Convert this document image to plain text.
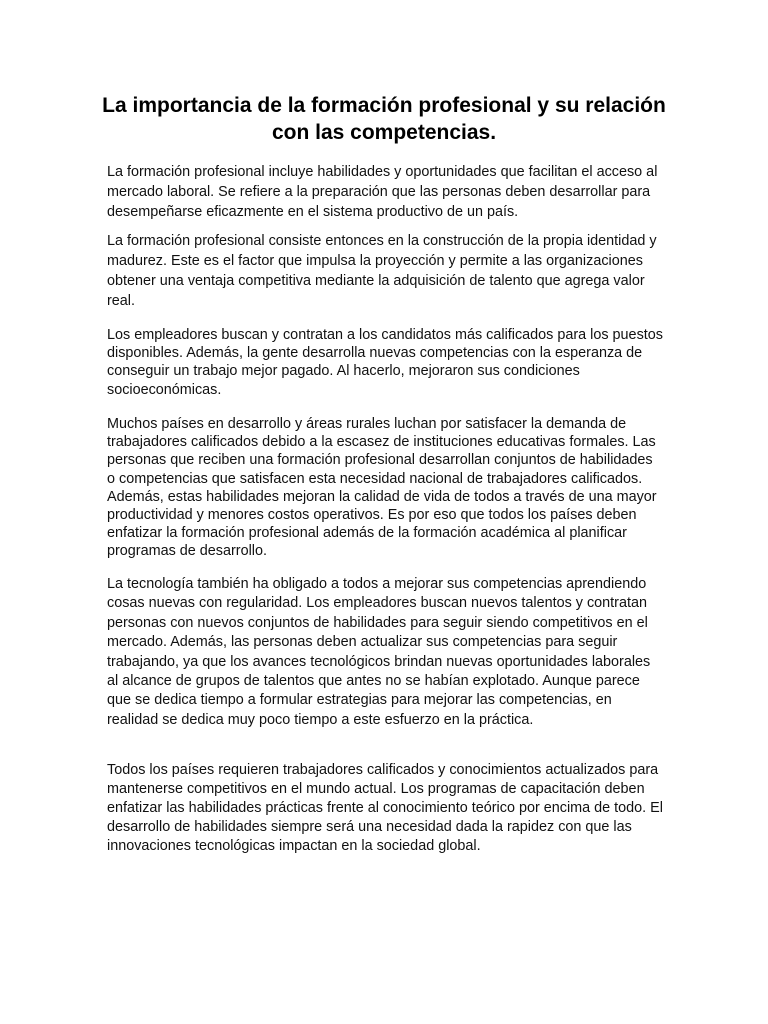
La importancia de la formación profesional y su relación con las competencias.

La formación profesional incluye habilidades y oportunidades que facilitan el acceso al mercado laboral. Se refiere a la preparación que las personas deben desarrollar para desempeñarse eficazmente en el sistema productivo de un país.

La formación profesional consiste entonces en la construcción de la propia identidad y madurez. Este es el factor que impulsa la proyección y permite a las organizaciones obtener una ventaja competitiva mediante la adquisición de talento que agrega valor real.

Los empleadores buscan y contratan a los candidatos más calificados para los puestos disponibles. Además, la gente desarrolla nuevas competencias con la esperanza de conseguir un trabajo mejor pagado. Al hacerlo, mejoraron sus condiciones socioeconómicas.

Muchos países en desarrollo y áreas rurales luchan por satisfacer la demanda de trabajadores calificados debido a la escasez de instituciones educativas formales. Las personas que reciben una formación profesional desarrollan conjuntos de habilidades o competencias que satisfacen esta necesidad nacional de trabajadores calificados. Además, estas habilidades mejoran la calidad de vida de todos a través de una mayor productividad y menores costos operativos. Es por eso que todos los países deben enfatizar la formación profesional además de la formación académica al planificar programas de desarrollo.

La tecnología también ha obligado a todos a mejorar sus competencias aprendiendo cosas nuevas con regularidad. Los empleadores buscan nuevos talentos y contratan personas con nuevos conjuntos de habilidades para seguir siendo competitivos en el mercado. Además, las personas deben actualizar sus competencias para seguir trabajando, ya que los avances tecnológicos brindan nuevas oportunidades laborales al alcance de grupos de talentos que antes no se habían explotado. Aunque parece que se dedica tiempo a formular estrategias para mejorar las competencias, en realidad se dedica muy poco tiempo a este esfuerzo en la práctica.

Todos los países requieren trabajadores calificados y conocimientos actualizados para mantenerse competitivos en el mundo actual. Los programas de capacitación deben enfatizar las habilidades prácticas frente al conocimiento teórico por encima de todo. El desarrollo de habilidades siempre será una necesidad dada la rapidez con que las innovaciones tecnológicas impactan en la sociedad global.
